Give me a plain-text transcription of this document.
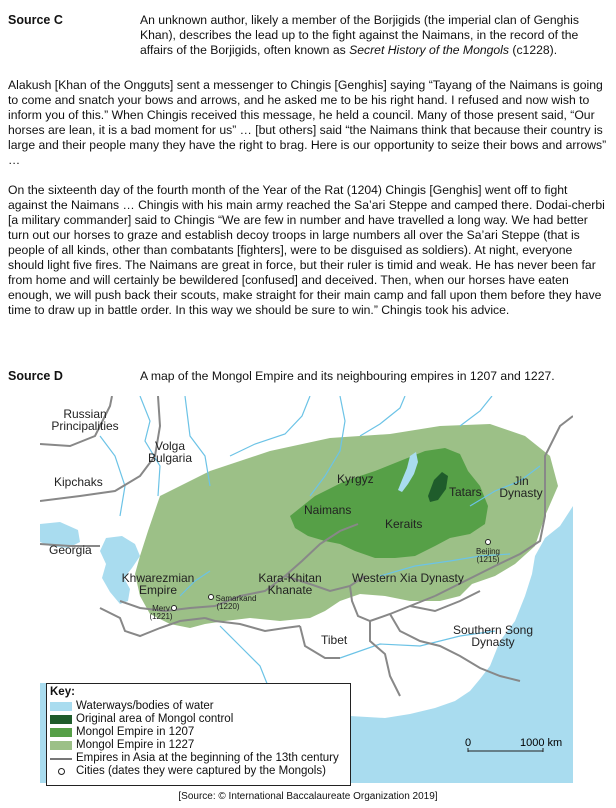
Source C	An unknown author, likely a member of the Borjigids (the imperial clan of Genghis Khan), describes the lead up to the fight against the Naimans, in the record of the affairs of the Borjigids, often known as Secret History of the Mongols (c1228).

Alakush [Khan of the Ongguts] sent a messenger to Chingis [Genghis] saying “Tayang of the Naimans is going to come and snatch your bows and arrows, and he asked me to be his right hand. I refused and now wish to inform you of this.” When Chingis received this message, he held a council. Many of those present said, “Our horses are lean, it is a bad moment for us” … [but others] said “the Naimans think that because their country is large and their people many they have the right to brag. Here is our opportunity to seize their bows and arrows” …

On the sixteenth day of the fourth month of the Year of the Rat (1204) Chingis [Genghis] went off to fight against the Naimans … Chingis with his main army reached the Sa’ari Steppe and camped there. Dodai-cherbi [a military commander] said to Chingis “We are few in number and have travelled a long way. We had better turn out our horses to graze and establish decoy troops in large numbers all over the Sa’ari Steppe (that is people of all kinds, other than combatants [fighters], were to be disguised as soldiers). At night, everyone should light five fires. The Naimans are great in force, but their ruler is timid and weak. He has never been far from home and will certainly be bewildered [confused] and deceived. Then, when our horses have eaten enough, we will push back their scouts, make straight for their main camp and fall upon them before they have time to draw up in battle order. In this way we should be sure to win.” Chingis took his advice.

Source D	A map of the Mongol Empire and its neighbouring empires in 1207 and 1227.
Russian Principalities
Volga Bulgaria
Kipchaks
Georgia
Kyrgyz
Naimans
Keraits
Tatars
Jin Dynasty
Khwarezmian Empire
Kara-Khitan Khanate
Western Xia Dynasty
Tibet
Southern Song Dynasty
Beijing (1215)
Samarkand (1220)
Merv (1221)
Key:
Waterways/bodies of water
Original area of Mongol control
Mongol Empire in 1207
Mongol Empire in 1227
Empires in Asia at the beginning of the 13th century
Cities (dates they were captured by the Mongols)
0	1000 km
[Source: © International Baccalaureate Organization 2019]
